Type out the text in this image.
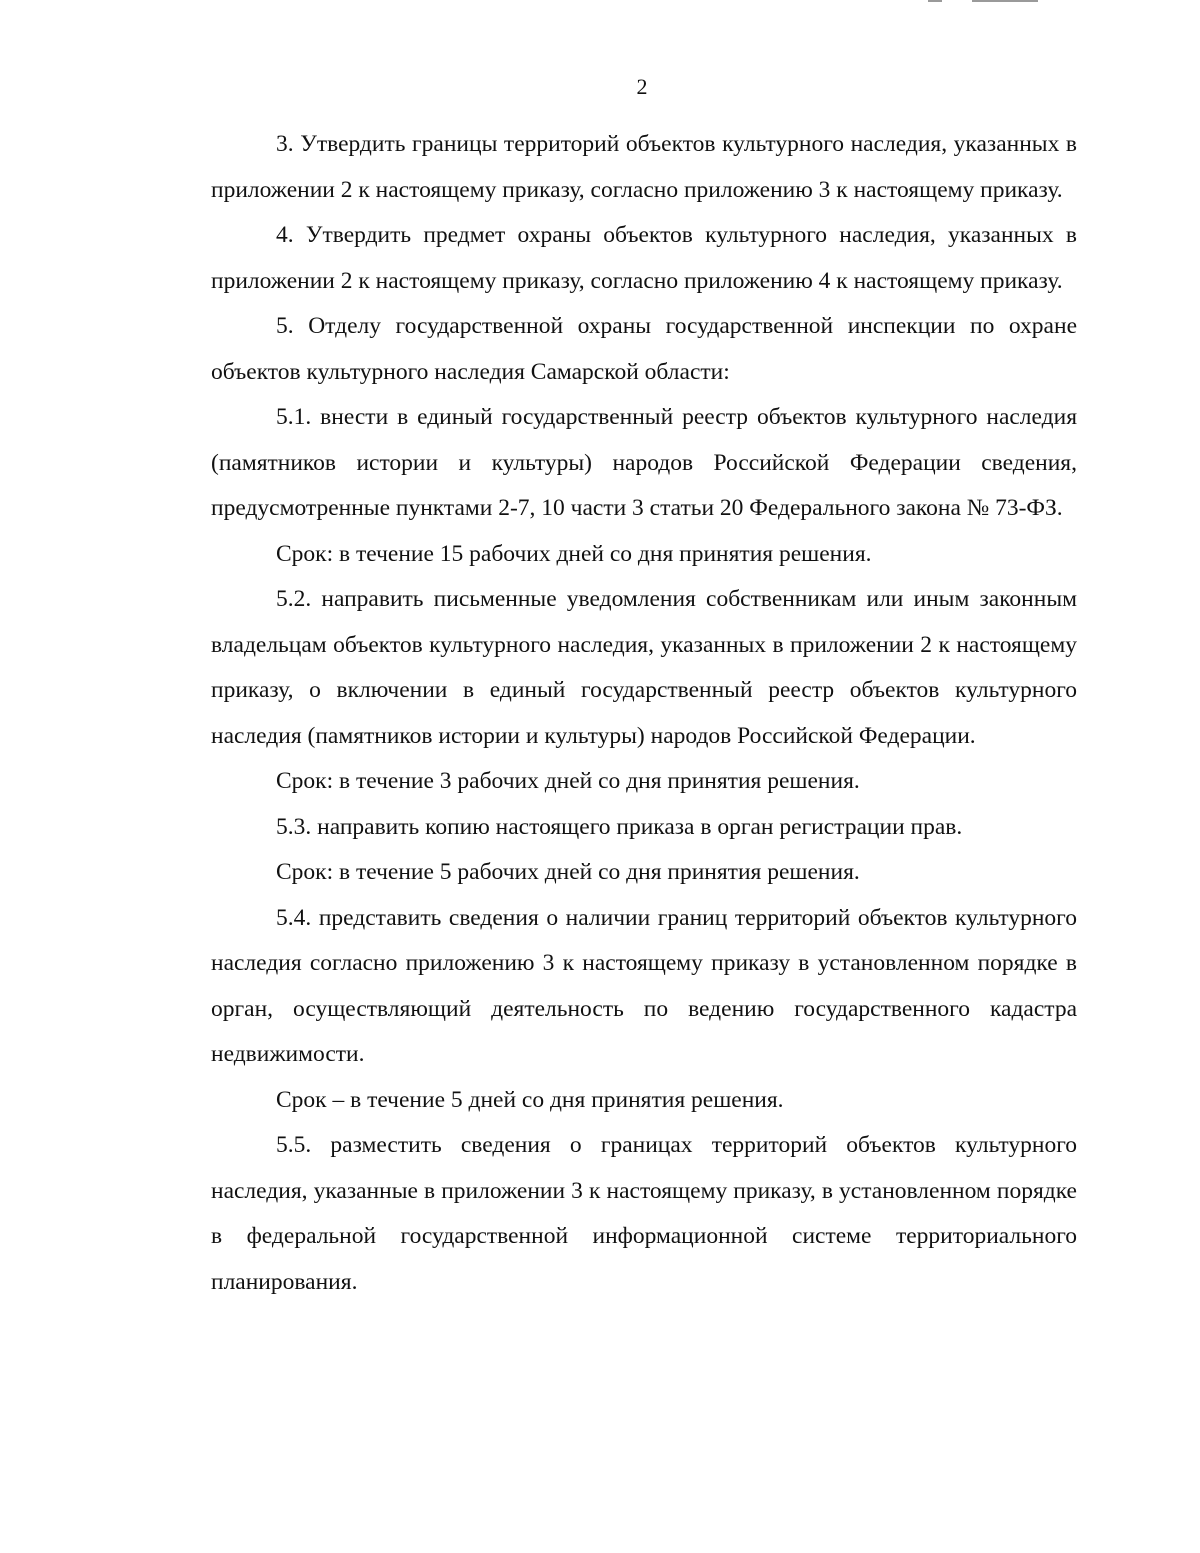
2

3. Утвердить границы территорий объектов культурного наследия, указанных в приложении 2 к настоящему приказу, согласно приложению 3 к настоящему приказу.

4. Утвердить предмет охраны объектов культурного наследия, указанных в приложении 2 к настоящему приказу, согласно приложению 4 к настоящему приказу.

5. Отделу государственной охраны государственной инспекции по охране объектов культурного наследия Самарской области:

5.1. внести в единый государственный реестр объектов культурного наследия (памятников истории и культуры) народов Российской Федерации сведения, предусмотренные пунктами 2-7, 10 части 3 статьи 20 Федерального закона № 73-ФЗ.

Срок: в течение 15 рабочих дней со дня принятия решения.

5.2. направить письменные уведомления собственникам или иным законным владельцам объектов культурного наследия, указанных в приложении 2 к настоящему приказу, о включении в единый государственный реестр объектов культурного наследия (памятников истории и культуры) народов Российской Федерации.

Срок: в течение 3 рабочих дней со дня принятия решения.

5.3. направить копию настоящего приказа в орган регистрации прав.

Срок: в течение 5 рабочих дней со дня принятия решения.

5.4. представить сведения о наличии границ территорий объектов культурного наследия согласно приложению 3 к настоящему приказу в установленном порядке в орган, осуществляющий деятельность по ведению государственного кадастра недвижимости.

Срок – в течение 5 дней со дня принятия решения.

5.5. разместить сведения о границах территорий объектов культурного наследия, указанные в приложении 3 к настоящему приказу, в установленном порядке в федеральной государственной информационной системе территориального планирования.
